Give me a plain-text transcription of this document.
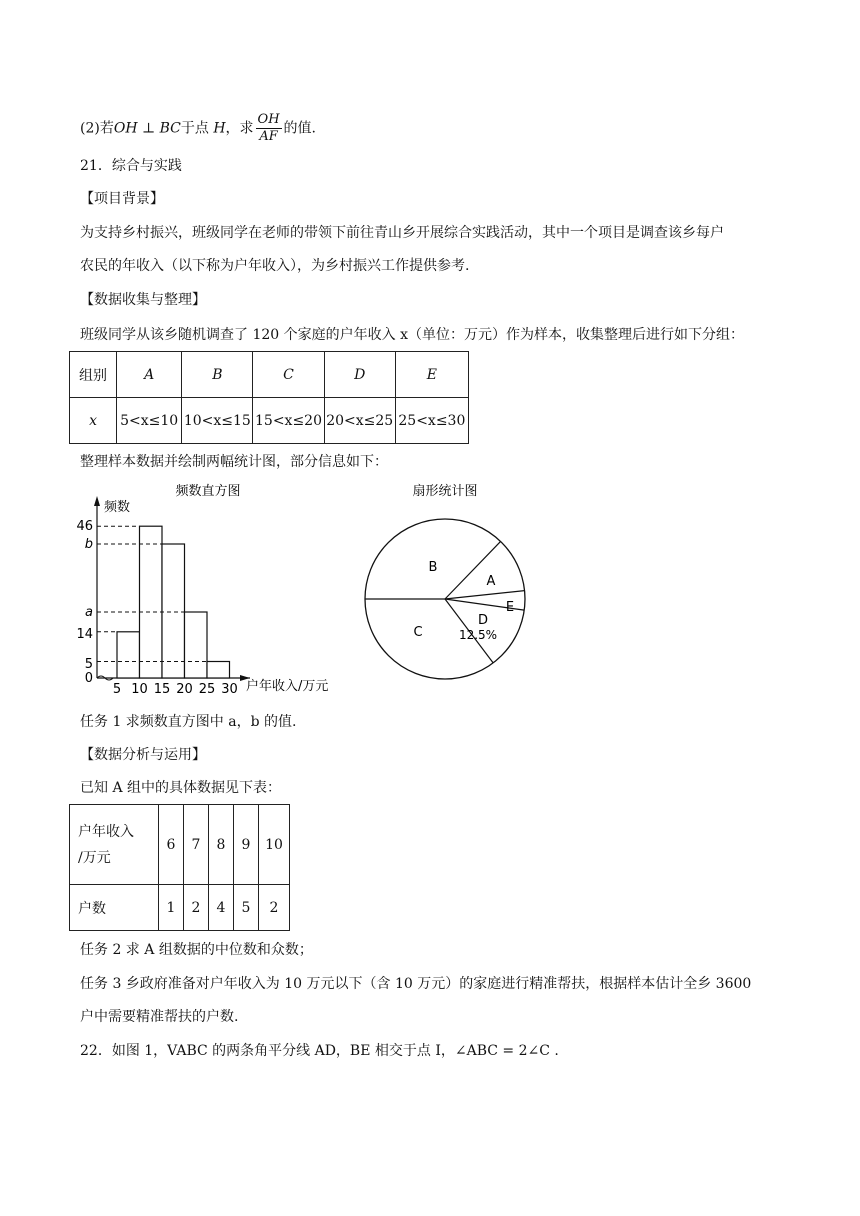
(2)若OH ⊥ BC于点 H，求 $\frac{OH}{AF}$ 的值.
21．综合与实践
【项目背景】
为支持乡村振兴，班级同学在老师的带领下前往青山乡开展综合实践活动，其中一个项目是调查该乡每户
农民的年收入（以下称为户年收入），为乡村振兴工作提供参考.
【数据收集与整理】
班级同学从该乡随机调查了 120 个家庭的户年收入 x（单位：万元）作为样本，收集整理后进行如下分组：
组别	A	B	C	D	E
x	5<x≤10	10<x≤15	15<x≤20	20<x≤25	25<x≤30
整理样本数据并绘制两幅统计图，部分信息如下：
频数直方图
频数
户年收入/万元
0
5
14
a
b
46
5 10 15 20 25 30
扇形统计图
B
A
E
D
C	12.5%
任务 1 求频数直方图中 a，b 的值.
【数据分析与运用】
已知 A 组中的具体数据见下表：
户年收入
/万元	6	7	8	9	10
户数	1	2	4	5	2
任务 2 求 A 组数据的中位数和众数；
任务 3 乡政府准备对户年收入为 10 万元以下（含 10 万元）的家庭进行精准帮扶，根据样本估计全乡 3600
户中需要精准帮扶的户数.
22．如图 1，VABC 的两条角平分线 AD，BE 相交于点 I，∠ABC = 2∠C .
